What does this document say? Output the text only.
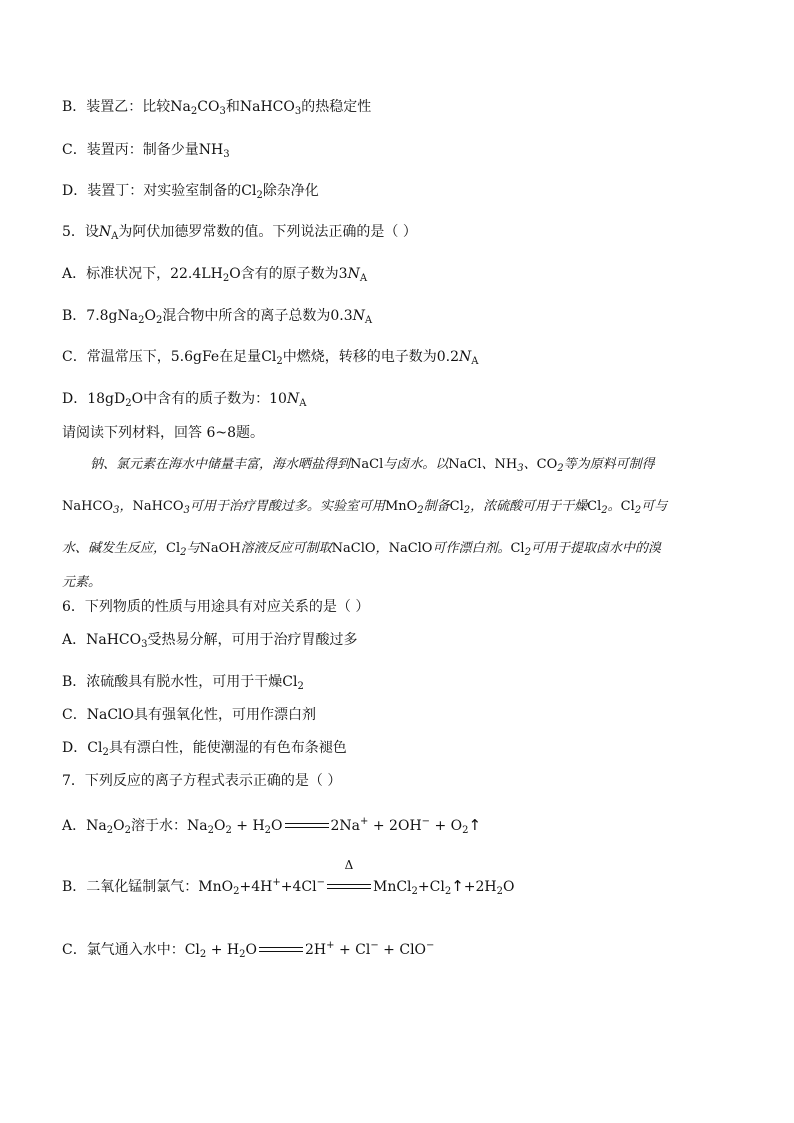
B．装置乙：比较$Na_2CO_3$和NaHCO$_3$的热稳定性
C．装置丙：制备少量$NH_3$
D．装置丁：对实验室制备的$Cl_2$除杂净化
5．设$N_A$为阿伏加德罗常数的值。下列说法正确的是（ ）
A．标准状况下，$22.4LH_2O$含有的原子数为$3N_A$
B．$7.8gNa_2O_2$混合物中所含的离子总数为$0.3N_A$
C．常温常压下，5.6gFe在足量$Cl_2$中燃烧，转移的电子数为$0.2N_A$
D．$18gD_2O$中含有的质子数为：$10N_A$
请阅读下列材料，回答 6~8题。
钠、氯元素在海水中储量丰富，海水晒盐得到NaCl与卤水。以NaCl、$NH_3$、$CO_2$等为原料可制得
NaHCO$_3$，NaHCO$_3$可用于治疗胃酸过多。实验室可用MnO$_2$制备$Cl_2$，浓硫酸可用于干燥$Cl_2$。$Cl_2$可与
水、碱发生反应，$Cl_2$与NaOH溶液反应可制取NaClO，NaClO可作漂白剂。$Cl_2$可用于提取卤水中的溴
元素。
6．下列物质的性质与用途具有对应关系的是（ ）
A．NaHCO$_3$受热易分解，可用于治疗胃酸过多
B．浓硫酸具有脱水性，可用于干燥$Cl_2$
C．NaClO具有强氧化性，可用作漂白剂
D．$Cl_2$具有漂白性，能使潮湿的有色布条褪色
7．下列反应的离子方程式表示正确的是（ ）
A．$Na_2O_2$溶于水：$Na_2O_2 + H_2O$	$2Na^+ + 2OH^- + O_2↑$
B．二氧化锰制氯气：MnO$_2$+4H++4Cl−
Δ
$MnCl_2+Cl_2↑+2H_2O$
C．氯气通入水中：$Cl_2 + H_2O$	2H+ + Cl− + ClO−
